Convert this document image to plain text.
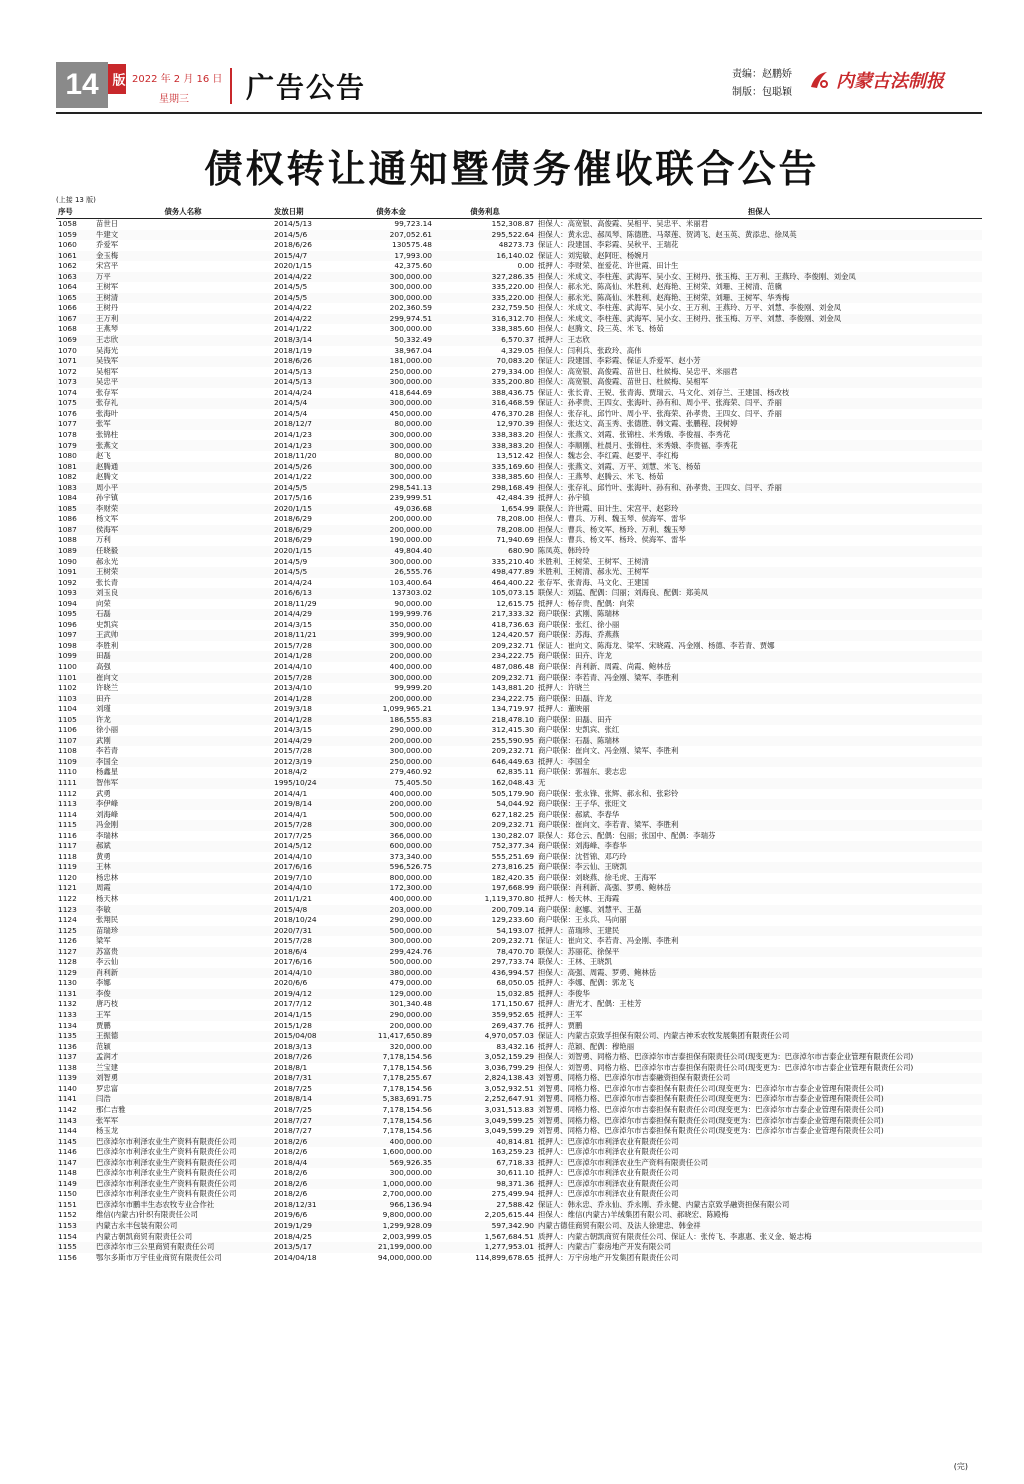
14 版 2022 年 2 月 16 日
星期三 广告公告	责编：赵鹏娇
制版：包聪颖
内蒙古法制报
债权转让通知暨债务催收联合公告
(上接 13 版)
序号	债务人名称	发放日期	债务本金	债务利息	担保人
1058	苗世日	2014/5/13	99,723.14	152,308.87	担保人：高宽银、高俊霞、吴相平、吴忠平、米丽君
1059	牛建文	2014/5/6	207,052.61	295,522.64	担保人：黄永忠、郝凤琴、陈德胜、马翠莲、贺鸿飞、赵玉英、黄添忠、徐凤英
1060	乔爱军	2018/6/26	130575.48	48273.73	保证人：段建国、李彩霞、吴秋平、王瑞花
1061	金玉梅	2015/4/7	17,993.00	16,140.02	保证人：刘宪敏、赵阿旺、杨婉月
1062	宋宫平	2020/1/15	42,375.60	0.00	抵押人：李财荣、崔爱花、许世霞、田计生
1063	万平	2014/4/22	300,000.00	327,286.35	担保人：米成文、李柱莲、武海军、吴小女、王树丹、张玉梅、王万利、王燕玲、李俊刚、刘金凤
1064	王树军	2014/5/5	300,000.00	335,220.00	担保人：郝永光、陈高仙、米胜利、赵海艳、王树荣、刘珊、王树清、范骥
1065	王树清	2014/5/5	300,000.00	335,220.00	担保人：郝永光、陈高仙、米胜利、赵海艳、王树荣、刘珊、王树军、华秀梅
1066	王树丹	2014/4/22	202,360.59	232,759.50	担保人：米成文、李柱莲、武海军、吴小女、王万利、王燕玲、万平、刘慧、李俊刚、刘金凤
1067	王万利	2014/4/22	299,974.51	316,312.70	担保人：米成文、李柱莲、武海军、吴小女、王树丹、张玉梅、万平、刘慧、李俊刚、刘金凤
1068	王燕琴	2014/1/22	300,000.00	338,385.60	担保人：赵腾文、段三英、米飞、杨茹
1069	王志欣	2018/3/14	50,332.49	6,570.37	抵押人：王志欣
1070	吴海光	2018/1/19	38,967.04	4,329.05	担保人：闫利兵、张政玲、高伟
1071	吴钱军	2018/6/26	181,000.00	70,083.20	保证人：段建国、李彩霞、保证人乔爱军、赵小芳
1072	吴相军	2014/5/13	250,000.00	279,334.00	担保人：高宽银、高俊霞、苗世日、杜候梅、吴忠平、米丽君
1073	吴忠平	2014/5/13	300,000.00	335,200.80	担保人：高宽银、高俊霞、苗世日、杜候梅、吴相军
1074	张存军	2014/4/24	418,644.69	388,436.75	保证人：张长青、王锐、张青海、贾瑞云、马文化、刘存兰、王建国、杨改枝
1075	张存礼	2014/5/4	300,000.00	316,468.59	保证人：孙孝贵、王四女、张海叶、孙有和、周小平、张海荣、闫平、乔丽
1076	张海叶	2014/5/4	450,000.00	476,370.28	担保人：张存礼、邱竹叶、周小平、张海荣、孙孝贵、王四女、闫平、乔丽
1077	张军	2018/12/7	80,000.00	12,970.39	担保人：张达文、高玉秀、张德胜、韩文霞、张鹏程、段树婷
1078	张锦柱	2014/1/23	300,000.00	338,383.20	担保人：张燕文、刘霞、张锦柱、米秀娥、李俊福、李秀花
1079	张燕文	2014/1/23	300,000.00	338,383.20	担保人：李顺刚、杜晨月、张锦柱、米秀娥、李贵福、李秀花
1080	赵飞	2018/11/20	80,000.00	13,512.42	担保人：魏志会、李红霞、赵要平、李红梅
1081	赵腾通	2014/5/26	300,000.00	335,169.60	担保人：张燕文、刘霞、万平、刘慧、米飞、杨茹
1082	赵腾文	2014/1/22	300,000.00	338,385.60	担保人：王燕琴、赵腾云、米飞、杨茹
1083	周小平	2014/5/5	298,541.13	298,168.49	担保人：张存礼、邱竹叶、张海叶、孙有和、孙孝贵、王四女、闫平、乔丽
1084	孙宇镇	2017/5/16	239,999.51	42,484.39	抵押人：孙宇镇
1085	李财荣	2020/1/15	49,036.68	1,654.99	联保人：许世霞、田计生、宋宫平、赵彩玲
1086	杨文军	2018/6/29	200,000.00	78,208.00	担保人：曹兵、万利、魏玉琴、侯海军、雷华
1087	侯海军	2018/6/29	200,000.00	78,208.00	担保人：曹兵、杨文军、杨玲、万利、魏玉琴
1088	万利	2018/6/29	190,000.00	71,940.69	担保人：曹兵、杨文军、杨玲、侯海军、雷华
1089	任晓毅	2020/1/15	49,804.40	680.90	陈凤英、韩玲玲
1090	郝永光	2014/5/9	300,000.00	335,210.40	米胜利、王树荣、王树军、王树清
1091	王树荣	2014/5/5	26,555.76	498,477.89	米胜利、王树清、郝永光、王树军
1092	张长青	2014/4/24	103,400.64	464,400.22	张存军、张青海、马文化、王建国
1093	刘玉良	2016/6/13	137303.02	105,073.15	联保人：刘猛、配偶：闫丽；刘海良、配偶：郑美凤
1094	向荣	2018/11/29	90,000.00	12,615.75	抵押人：杨存贵、配偶：向荣
1095	石磊	2014/4/29	199,999.76	217,333.32	商户联保：武刚、陈瑞林
1096	史凯宾	2014/3/15	350,000.00	418,736.63	商户联保：张红、徐小丽
1097	王武帅	2018/11/21	399,900.00	124,420.57	商户联保：苏海、乔燕燕
1098	李胜利	2015/7/28	300,000.00	209,232.71	保证人：崔向文、陈海龙、梁军、宋晓霞、冯金刚、杨德、李若青、贾娜
1099	田磊	2014/1/28	200,000.00	234,222.75	商户联保：田卉、许龙
1100	高强	2014/4/10	400,000.00	487,086.48	商户联保：肖利新、周霞、尚霞、鲍林岳
1101	崔向文	2015/7/28	300,000.00	209,232.71	商户联保：李若青、冯金刚、梁军、李胜利
1102	许晓兰	2013/4/10	99,999.20	143,881.20	抵押人：许晓兰
1103	田卉	2014/1/28	200,000.00	234,222.75	商户联保：田磊、许龙
1104	刘瑾	2019/3/18	1,099,965.21	134,719.97	抵押人：董映丽
1105	许龙	2014/1/28	186,555.83	218,478.10	商户联保：田磊、田卉
1106	徐小丽	2014/3/15	290,000.00	312,415.30	商户联保：史凯宾、张红
1107	武刚	2014/4/29	200,000.00	255,590.95	商户联保：石磊、陈瑞林
1108	李若青	2015/7/28	300,000.00	209,232.71	商户联保：崔向文、冯金刚、梁军、李胜利
1109	李国全	2012/3/19	250,000.00	646,449.63	抵押人：李国全
1110	杨鑫星	2018/4/2	279,460.92	62,835.11	商户联保：郭福东、裴志忠
1111	智伟军	1995/10/24	75,405.50	162,048.43	无
1112	武勇	2014/4/1	400,000.00	505,179.90	商户联保：张永锋、张辉、郝永和、张彩铃
1113	李伊峰	2019/8/14	200,000.00	54,044.92	商户联保：王子华、张旺文
1114	刘海峰	2014/4/1	500,000.00	627,182.25	商户联保：郝斌、李春华
1115	冯金刚	2015/7/28	300,000.00	209,232.71	商户联保：崔向文、李若青、梁军、李胜利
1116	李瑞林	2017/7/25	366,000.00	130,282.07	联保人：郑仓云、配偶：包丽；张国中、配偶：李瑞芬
1117	郝斌	2014/5/12	600,000.00	752,377.34	商户联保：刘海峰、李春华
1118	黄勇	2014/4/10	373,340.00	555,251.69	商户联保：沈哲锦、邓巧玲
1119	王林	2017/6/16	596,526.75	273,816.25	商户联保：李云仙、王晓凯
1120	杨忠林	2019/7/10	800,000.00	182,420.35	商户联保：刘晓燕、徐毛虎、王海军
1121	周霞	2014/4/10	172,300.00	197,668.99	商户联保：肖利新、高强、罗勇、鲍林岳
1122	杨天林	2011/1/21	400,000.00	1,119,370.80	抵押人：杨天林、王海霞
1123	李敏	2015/4/8	203,000.00	200,709.14	商户联保：赵娜、刘慧平、王磊
1124	张翔民	2018/10/24	290,000.00	129,233.60	商户联保：王永兵、马向丽
1125	苗瑞珍	2020/7/31	500,000.00	54,193.07	抵押人：苗瑞珍、王建民
1126	梁军	2015/7/28	300,000.00	209,232.71	保证人：崔向文、李若青、冯金刚、李胜利
1127	苏富贵	2018/6/4	299,424.76	78,470.70	联保人：苏丽花、徐保平
1128	李云仙	2017/6/16	500,000.00	297,733.74	联保人：王林、王晓凯
1129	肖利新	2014/4/10	380,000.00	436,994.57	担保人：高强、周霞、罗勇、鲍林岳
1130	李娜	2020/6/6	479,000.00	68,050.05	抵押人：李娜、配偶：郭龙飞
1131	李俊	2019/4/12	129,000.00	15,032.85	抵押人：李俊华
1132	唐巧枝	2017/7/12	301,340.48	171,150.67	抵押人：唐光才、配偶：王桂芳
1133	王军	2014/1/15	290,000.00	359,952.65	抵押人：王军
1134	贾鹏	2015/1/28	200,000.00	269,437.76	抵押人：贾鹏
1135	王振德	2015/04/08	11,417,650.89	4,970,057.03	保证人：内蒙古京致孚担保有限公司、内蒙古神禾农牧发展集团有限责任公司
1136	范颖	2018/3/13	320,000.00	83,432.16	抵押人：范颖、配偶：穆艳丽
1137	孟润才	2018/7/26	7,178,154.56	3,052,159.29	担保人：刘智勇、同格力格、巴彦淖尔市吉泰担保有限责任公司(现变更为：巴彦淖尔市吉泰企业管理有限责任公司)
1138	兰宝建	2018/8/1	7,178,154.56	3,036,799.29	担保人：刘智勇、同格力格、巴彦淖尔市吉泰担保有限责任公司(现变更为：巴彦淖尔市吉泰企业管理有限责任公司)
1139	刘智勇	2018/7/31	7,178,255.67	2,824,138.43	刘智勇、同格力格、巴彦淖尔市吉泰融资担保有限责任公司
1140	罗忠富	2018/7/25	7,178,154.56	3,052,932.51	刘智勇、同格力格、巴彦淖尔市吉泰担保有限责任公司(现变更为：巴彦淖尔市吉泰企业管理有限责任公司)
1141	闫浩	2018/8/14	5,383,691.75	2,252,647.91	刘智勇、同格力格、巴彦淖尔市吉泰担保有限责任公司(现变更为：巴彦淖尔市吉泰企业管理有限责任公司)
1142	那仁吉雅	2018/7/25	7,178,154.56	3,031,513.83	刘智勇、同格力格、巴彦淖尔市吉泰担保有限责任公司(现变更为：巴彦淖尔市吉泰企业管理有限责任公司)
1143	张军军	2018/7/27	7,178,154.56	3,049,599.25	刘智勇、同格力格、巴彦淖尔市吉泰担保有限责任公司(现变更为：巴彦淖尔市吉泰企业管理有限责任公司)
1144	杨玉龙	2018/7/27	7,178,154.56	3,049,599.29	刘智勇、同格力格、巴彦淖尔市吉泰担保有限责任公司(现变更为：巴彦淖尔市吉泰企业管理有限责任公司)
1145	巴彦淖尔市利泽农业生产资料有限责任公司	2018/2/6	400,000.00	40,814.81	抵押人：巴彦淖尔市利泽农业有限责任公司
1146	巴彦淖尔市利泽农业生产资料有限责任公司	2018/2/6	1,600,000.00	163,259.23	抵押人：巴彦淖尔市利泽农业有限责任公司
1147	巴彦淖尔市利泽农业生产资料有限责任公司	2018/4/4	569,926.35	67,718.33	抵押人：巴彦淖尔市利泽农业生产资料有限责任公司
1148	巴彦淖尔市利泽农业生产资料有限责任公司	2018/2/6	300,000.00	30,611.10	抵押人：巴彦淖尔市利泽农业有限责任公司
1149	巴彦淖尔市利泽农业生产资料有限责任公司	2018/2/6	1,000,000.00	98,371.36	抵押人：巴彦淖尔市利泽农业有限责任公司
1150	巴彦淖尔市利泽农业生产资料有限责任公司	2018/2/6	2,700,000.00	275,499.94	抵押人：巴彦淖尔市利泽农业有限责任公司
1151	巴彦淖尔市鹏丰生态农牧专业合作社	2018/12/31	966,136.94	27,588.42	保证人：韩永忠、乔永仙、乔永刚、乔永健、内蒙古京致孚融资担保有限公司
1152	维信(内蒙古)针织有限责任公司	2019/6/6	9,800,000.00	2,205,615.44	担保人：维信(内蒙古)羊绒集团有限公司、郝晓宏、陈殿梅
1153	内蒙古永丰包装有限公司	2019/1/29	1,299,928.09	597,342.90	内蒙古德佳商贸有限公司、及法人徐建忠、韩金祥
1154	内蒙古朝凯商贸有限责任公司	2018/4/25	2,003,999.05	1,567,684.51	质押人：内蒙古朝凯商贸有限责任公司、保证人：张传飞、李惠惠、张义金、姬志梅
1155	巴彦淖尔市三公里商贸有限责任公司	2013/5/17	21,199,000.00	1,277,953.01	抵押人：内蒙古广泰房地产开发有限公司
1156	鄂尔多斯市万宇佳业商贸有限责任公司	2014/04/18	94,000,000.00	114,899,678.65	抵押人：万宇房地产开发集团有限责任公司
(完)
